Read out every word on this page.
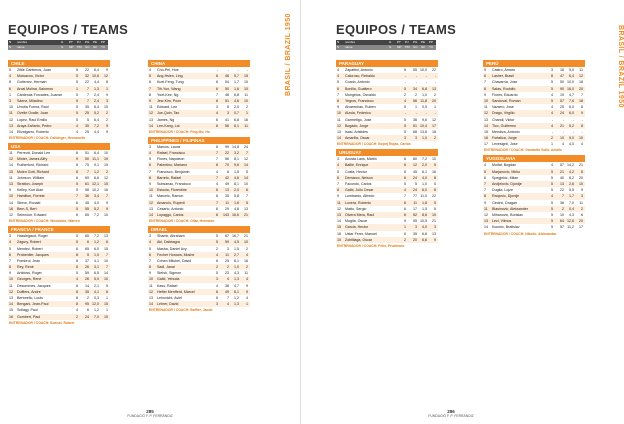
EQUIPOS / TEAMS
N	nombre	G	PT	PJ	PG	PE	PP
N	name	G	MP	PM	GC	GF	YC
CHILE
5	Zittie Cantieros, Juan	5	22	6,4	9
4	Mutuacno, Victor	5	32 10,6	12
8	Gutierrez, Herman	5	22	4,4	8
6	Arcal Molina, Salomon	1	7	1,3	1
1	Cárdenas Forcades, Juanse	5	7	2,4	9
3	Sáenz, Miladino	5	7	2,4	3
10	Urrutia Forma, Raúl	5	35	6,4	10
11	Ovelle Ovalle, Juan	5	25	5,2	2
12	Lopez, Raul Emilio	5	5	6,4	2
13	Araya Zañarto, Pedro	4	35	7,2	9
14	Elizalgarro, Roberto	4	25	4,4	9
ENTRENADOR / COACH: Dahlinger, Hensworth
USA
11	Perreutt, Donald Lee	8	51	6,4	10
12	Minter, James Alfry	9	50 11,1	19
14	Rutherford, Richard	8	75	9,1	15
15	Molen Gott, Richard	6	7	1,2	2
11	Johnson, William	6	69	6,6	12
13	Stratton, Joseph	5	61 12,1	15
9	Kelley, Kurt Alan	5	58 10,2	16
10	Hamilton, Forrest	7	36	3,4	7
14	Stieve, Ronald	6	45	4,0	9
16	Bem-S, Bert	5	55	5,2	9
12	Selenoon, Edward	6	65	7,2	10
ENTRENADOR / COACH: Woodside, Warren
FRANCIA / FRANCE
3	Hasslegaud, Roger	5	65	7,2	13
4	Zagury, Robert	5	6	1,2	6
5	Mendez, Robert	6	65	6,0	15
6	Probenfier, Jacques	8	5	1,0	7
7	Pombrol, Jean	8	37	4,1	10
8	Rey, René	8	26	3,1	7
9	Artidoss, Roger	5	59	6,5	14
10	Georges, René	4	26	5,0	10
11	Desommes, Jacques	6	14	2,1	5
12	Duffiers, Andre	8	35	4,1	6
13	Bertorello, Louis	8	2	0,3	1
14	Bengani, Jean-Paul	8	95 12,0	15
15	Sollagy, Paul	4	6	1,2	1
16	Gombert, Paul	2	24	7,0	10
ENTRENADOR / COACH: Busnel, Robert
CHINA
4	Cho-Pei, Hoe	-	-	-	-
5	Ang-Hsien, Ling	6	46	5,7	15
6	Kuei-Feng, Tung	6	54	1,7	10
7	Tih-Yun, Wang	6	50	1,6	10
8	Yuet-Kee, Ng	7	46	6,8	11
9	Jew-Kim, Poon	6	51	4,6	10
11	Edward, Lee	3	6	2,0	2
12	Jue-Quin, Tao	4	3	0,7	1
13	James, Ng	6	41	6,8	16
14	Lee-Kang, Lai	6	56	6,1	11
ENTRENADOR / COACH: Ping Mo, Ho
PHILIPPINES / FILIPINAS
3	Marcos, Laura	6	99 14,8	24
4	Rafael, Francisco	7	22	3,2	7
5	Flores, Napoleon	7	56	8,1	12
6	Palentino, Mariano	6	70	9,6	14
7	Francisco, Benjamin	4	6	1,5	5
8	Barreto, Rafael	7	42	4,6	14
9	Subsanao, Francisco	4	49	8,1	10
10	Estocia, Florentine	6	13	2,0	6
11	Marcelo, Ramon	6	35	5,8	7
12	Amancio, Ruperti	7	11	1,6	5
13	Cesario, Antonio	6	29	4,8	13
14	Lopaggo, Carlos	6	143 16,6	21
ENTRENADOR / COACH: Ollar, Herminio
ISRAEL
3	Shamir, Abraham	5	67 16,7	21
4	Akl, Dabbagra	5	59	4,5	10
5	Masha, Daniel Avy	2	3	1,5	2
6	Fecher Horowa, Moshe	4	11	2,7	4
7	Cohen Mitchel, David	6	25	6,1	16
8	Sadl, Janal	2	2	1,0	2
9	Stelsh, Sigmon	5	23	4,3	11
10	Galid, Yehuda	3	4	1,3	4
11	Kass, Rafael	4	38	4,7	9
12	Hefter Menfferd, Marcel	6	49	6,1	9
13	Lehovicht, Aviel	6	7	1,2	4
14	Lehrer, David	3	4	1,3	1
ENTRENADOR / COACH: Baffler, Jacob
BRASIL / BRAZIL 1950
285
FUNDACIÓ F. P. FERRÁNDIZ
EQUIPOS / TEAMS
N	nombre	G	PT	PJ	PG	PE	PP
N	name	G	MP	PM	GC	GF	YC
PARAGUAY
4	Zapattini, Antonio	5	55 10,0	22
4	Caloroso, Rebaldo	-	-	-	-
5	Coado, Antonio	-	-	-	-
6	Bonilla, Gualtero	5	34	6,8	13
7	Mongelos, Osvaldo	2	2	1,0	2
8	Yegros, Francisco	4	56 11,8	20
9	Alvarenhas, Ruben	5	1	0,5	1
10	Alzola, Federico	-	-	-	-
11	Garmetigo, Jose	5	36	9,6	12
12	Bogado, Jorge	5	51 10,4	17
13	Isasi, Aristides	5	68 13,6	18
14	Amarilla, Oscar	3	3	1,0	2
ENTRENADOR / COACH: Bojorj Rojas, Carlos
URUGUAY
3	Acosta Lans, Martin	6	60	7,2	10
4	Batlle, Enrique	6	12	2,0	5
5	Costa, Hector	6	45	6,1	16
6	Demarco, Nelson	6	24	4,0	8
7	Facondo, Carlos	5	5	1,0	5
8	Galbi, Julio Cesar	4	24	6,0	8
9	Lombardo, Alfredo	7	77 11,0	22
11	Lovera, Roberto	6	11	1,8	5
12	Matto, Sergio	6	17	1,5	5
13	Olvera Mera, Raul	6	52	8,6	10
14	Moglia, Oscar	9	95 10,5	21
15	Garcia, Hector	1	3	4,0	3
16	Ustar Ferer, Manuel	6	35	6,6	13
10	Zobilliaga, Oscar	2	20	6,6	9
ENTRENADOR / COACH: Felix, Prudencio
PERÚ
5	Castro, Amaro	3	16	5,0	11
6	Lasher, Brasil	8	47	6,4	12
7	Chavarría, Jose	5	50 10,0	18
8	Salas, Rodolfo	5	90 16,0	20
9	Flores, Eduardo	4	19	4,7	7
10	Sandoval, Roman	5	57	7,6	18
11	Vazarro, Jose	4	25	6,0	8
12	Drago, Virgilio	4	24	6,0	9
13	Chandi, Victor	-	-	-	-
14	Tico, Guillermo	4	21	5,2	8
15	Mendiva, Antonio	-	-	-	-
16	Fortalica, Jorge	2	10	5,0	10
17	Levesignil, Jose	1	4	4,0	4
ENTRENADOR / COACH: Gandolfo Solis, Adolfo
YUGOSLAVIA
4	Molfat, Bogdan	4	57 14,2	21
5	Marjanovic, Mirko	5	21	4,2	8
6	Spegjekic, Milan	5	40	8,2	20
7	Andjelovic, Djordje	5	13	2,6	10
7	Dugita, Lojze	5	22	5,5	9
8	Raojovic, Djordje	4	7	1,7	3
9	Cindric, Dragan	5	36	7,0	11
11	Blasinovic, Aleksander	5	2	0,4	2
12	Mihanovic, Borislav	5	10	4,3	6
13	Lezl, Vilmos	5	64 12,6	20
14	Kocmic, Bratislav	5	57 11,2	17
ENTRENADOR / COACH: Nikolic, Aleksandar
BRASIL / BRAZIL 1950
286
FUNDACIÓ F. P. FERRÁNDIZ
